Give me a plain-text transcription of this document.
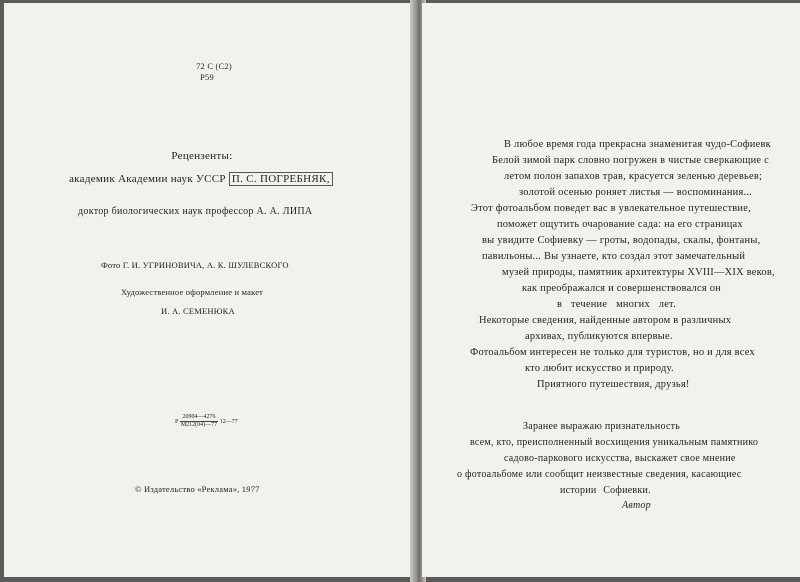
72 С (С2)
Р59
Рецензенты:
академик Академии наук УССР П. С. ПОГРЕБНЯК,
доктор биологических наук профессор А. А. ЛИПА
Фото Г. И. УГРИНОВИЧА, А. К. ШУЛЕВСКОГО
Художественное оформление и макет
И. А. СЕМЕНЮКА
Р $\frac{20904—4276}{М212(04)—77}$ 12—77
© Издательство «Реклама», 1977
В любое время года прекрасна знаменитая чудо-Софиевк
Белой зимой парк словно погружен в чистые сверкающие с
летом полон запахов трав, красуется зеленью деревьев;
золотой осенью роняет листья — воспоминания...
Этот фотоальбом поведет вас в увлекательное путешествие,
поможет ощутить очарование сада: на его страницах
вы увидите Софиевку — гроты, водопады, скалы, фонтаны,
павильоны... Вы узнаете, кто создал этот замечательный
музей природы, памятник архитектуры XVIII—XIX веков,
как преображался и совершенствовался он
в течение многих лет.
Некоторые сведения, найденные автором в различных
архивах, публикуются впервые.
Фотоальбом интересен не только для туристов, но и для всех
кто любит искусство и природу.
Приятного путешествия, друзья!
Заранее выражаю признательность
всем, кто, преисполненный восхищения уникальным памятнико
садово-паркового искусства, выскажет свое мнение
о фотоальбоме или сообщит неизвестные сведения, касающиес
истории Софиевки.
Автор
